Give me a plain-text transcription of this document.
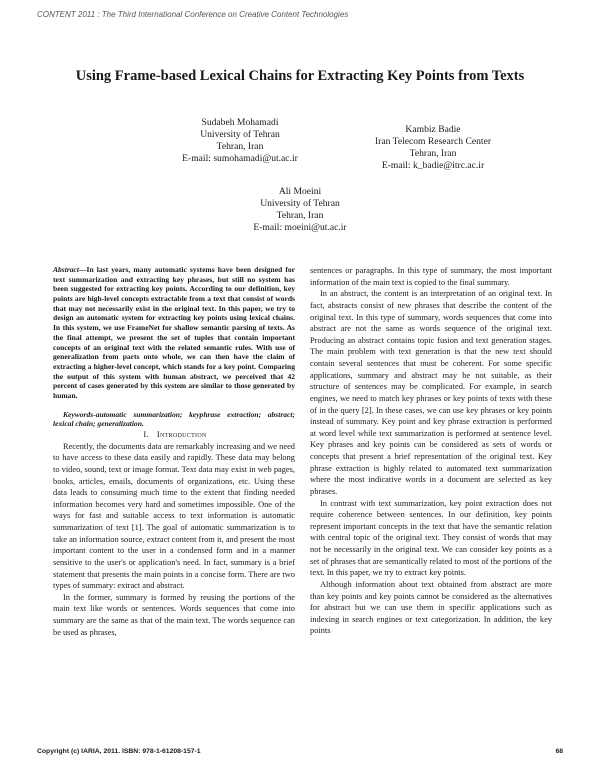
CONTENT 2011 : The Third International Conference on Creative Content Technologies
Using Frame-based Lexical Chains for Extracting Key Points from Texts
Sudabeh Mohamadi
University of Tehran
Tehran, Iran
E-mail: sumohamadi@ut.ac.ir
Kambiz Badie
Iran Telecom Research Center
Tehran, Iran
E-mail: k_badie@itrc.ac.ir
Ali Moeini
University of Tehran
Tehran, Iran
E-mail: moeini@ut.ac.ir

Abstract—In last years, many automatic systems have been designed for text summarization and extracting key phrases, but still no system has been suggested for extracting key points. According to our definition, key points are high-level concepts extractable from a text that consist of words that may not necessarily exist in the original text. In this paper, we try to design an automatic system for extracting key points using lexical chains. In this system, we use FrameNet for shallow semantic parsing of texts. As the final attempt, we present the set of tuples that contain important concepts of an original text with the related semantic rules. With use of generalization from parts onto whole, we can then have the claim of extracting a higher-level concept, which stands for a key point. Comparing the output of this system with human abstract, we perceived that 42 percent of cases generated by this system are similar to those generated by human.

Keywords-automatic summarization; keyphrase extraction; abstract; lexical chain; generalization.

I. Introduction

Recently, the documents data are remarkably increasing and we need to have access to these data easily and rapidly. These data may belong to video, sound, text or image format. Text data may exist in web pages, books, articles, emails, documents of organizations, etc. Using these data leads to consuming much time to the extent that finding needed information becomes very hard and sometimes impossible. One of the ways for fast and suitable access to text information is automatic summarization of text [1]. The goal of automatic summarization is to take an information source, extract content from it, and present the most important content to the user in a condensed form and in a manner sensitive to the user's or application's need. In fact, summary is a brief statement that presents the main points in a concise form. There are two types of summary: extract and abstract.

In the former, summary is formed by reusing the portions of the main text like words or sentences. Words sequences that come into summary are the same as that of the main text. The words sequence can be used as phrases,

sentences or paragraphs. In this type of summary, the most important information of the main text is copied to the final summary.

In an abstract, the content is an interpretation of an original text. In fact, abstracts consist of new phrases that describe the content of the original text. In this type of summary, words sequences that come into abstract are not the same as words sequence of the original text. Producing an abstract contains topic fusion and text generation stages. The main problem with text generation is that the new text should contain several sentences that must be coherent. For some specific applications, summary and abstract may be not suitable, as their structure of sentences may be complicated. For example, in search engines, we need to match key phrases or key points of texts with these of in the query [2]. In these cases, we can use key phrases or key points instead of summary. Key point and key phrase extraction is performed at word level while text summarization is performed at sentence level. Key phrases and key points can be considered as sets of words or concepts that present a brief representation of the original text. Key phrase extraction is highly related to automated text summarization where the most indicative words in a document are selected as key phrases.

In contrast with text summarization, key point extraction does not require coherence between sentences. In our definition, key points represent important concepts in the text that have the semantic relation with central topic of the original text. They consist of words that may not be necessarily in the original text. We can consider key points as a set of phrases that are semantically related to most of the portions of the text. In this paper, we try to extract key points.

Although information about text obtained from abstract are more than key points and key points cannot be considered as the alternatives for abstract but we can use them in specific applications such as indexing in search engines or text categorization. In addition, the key points

Copyright (c) IARIA, 2011. ISBN: 978-1-61208-157-1	68
